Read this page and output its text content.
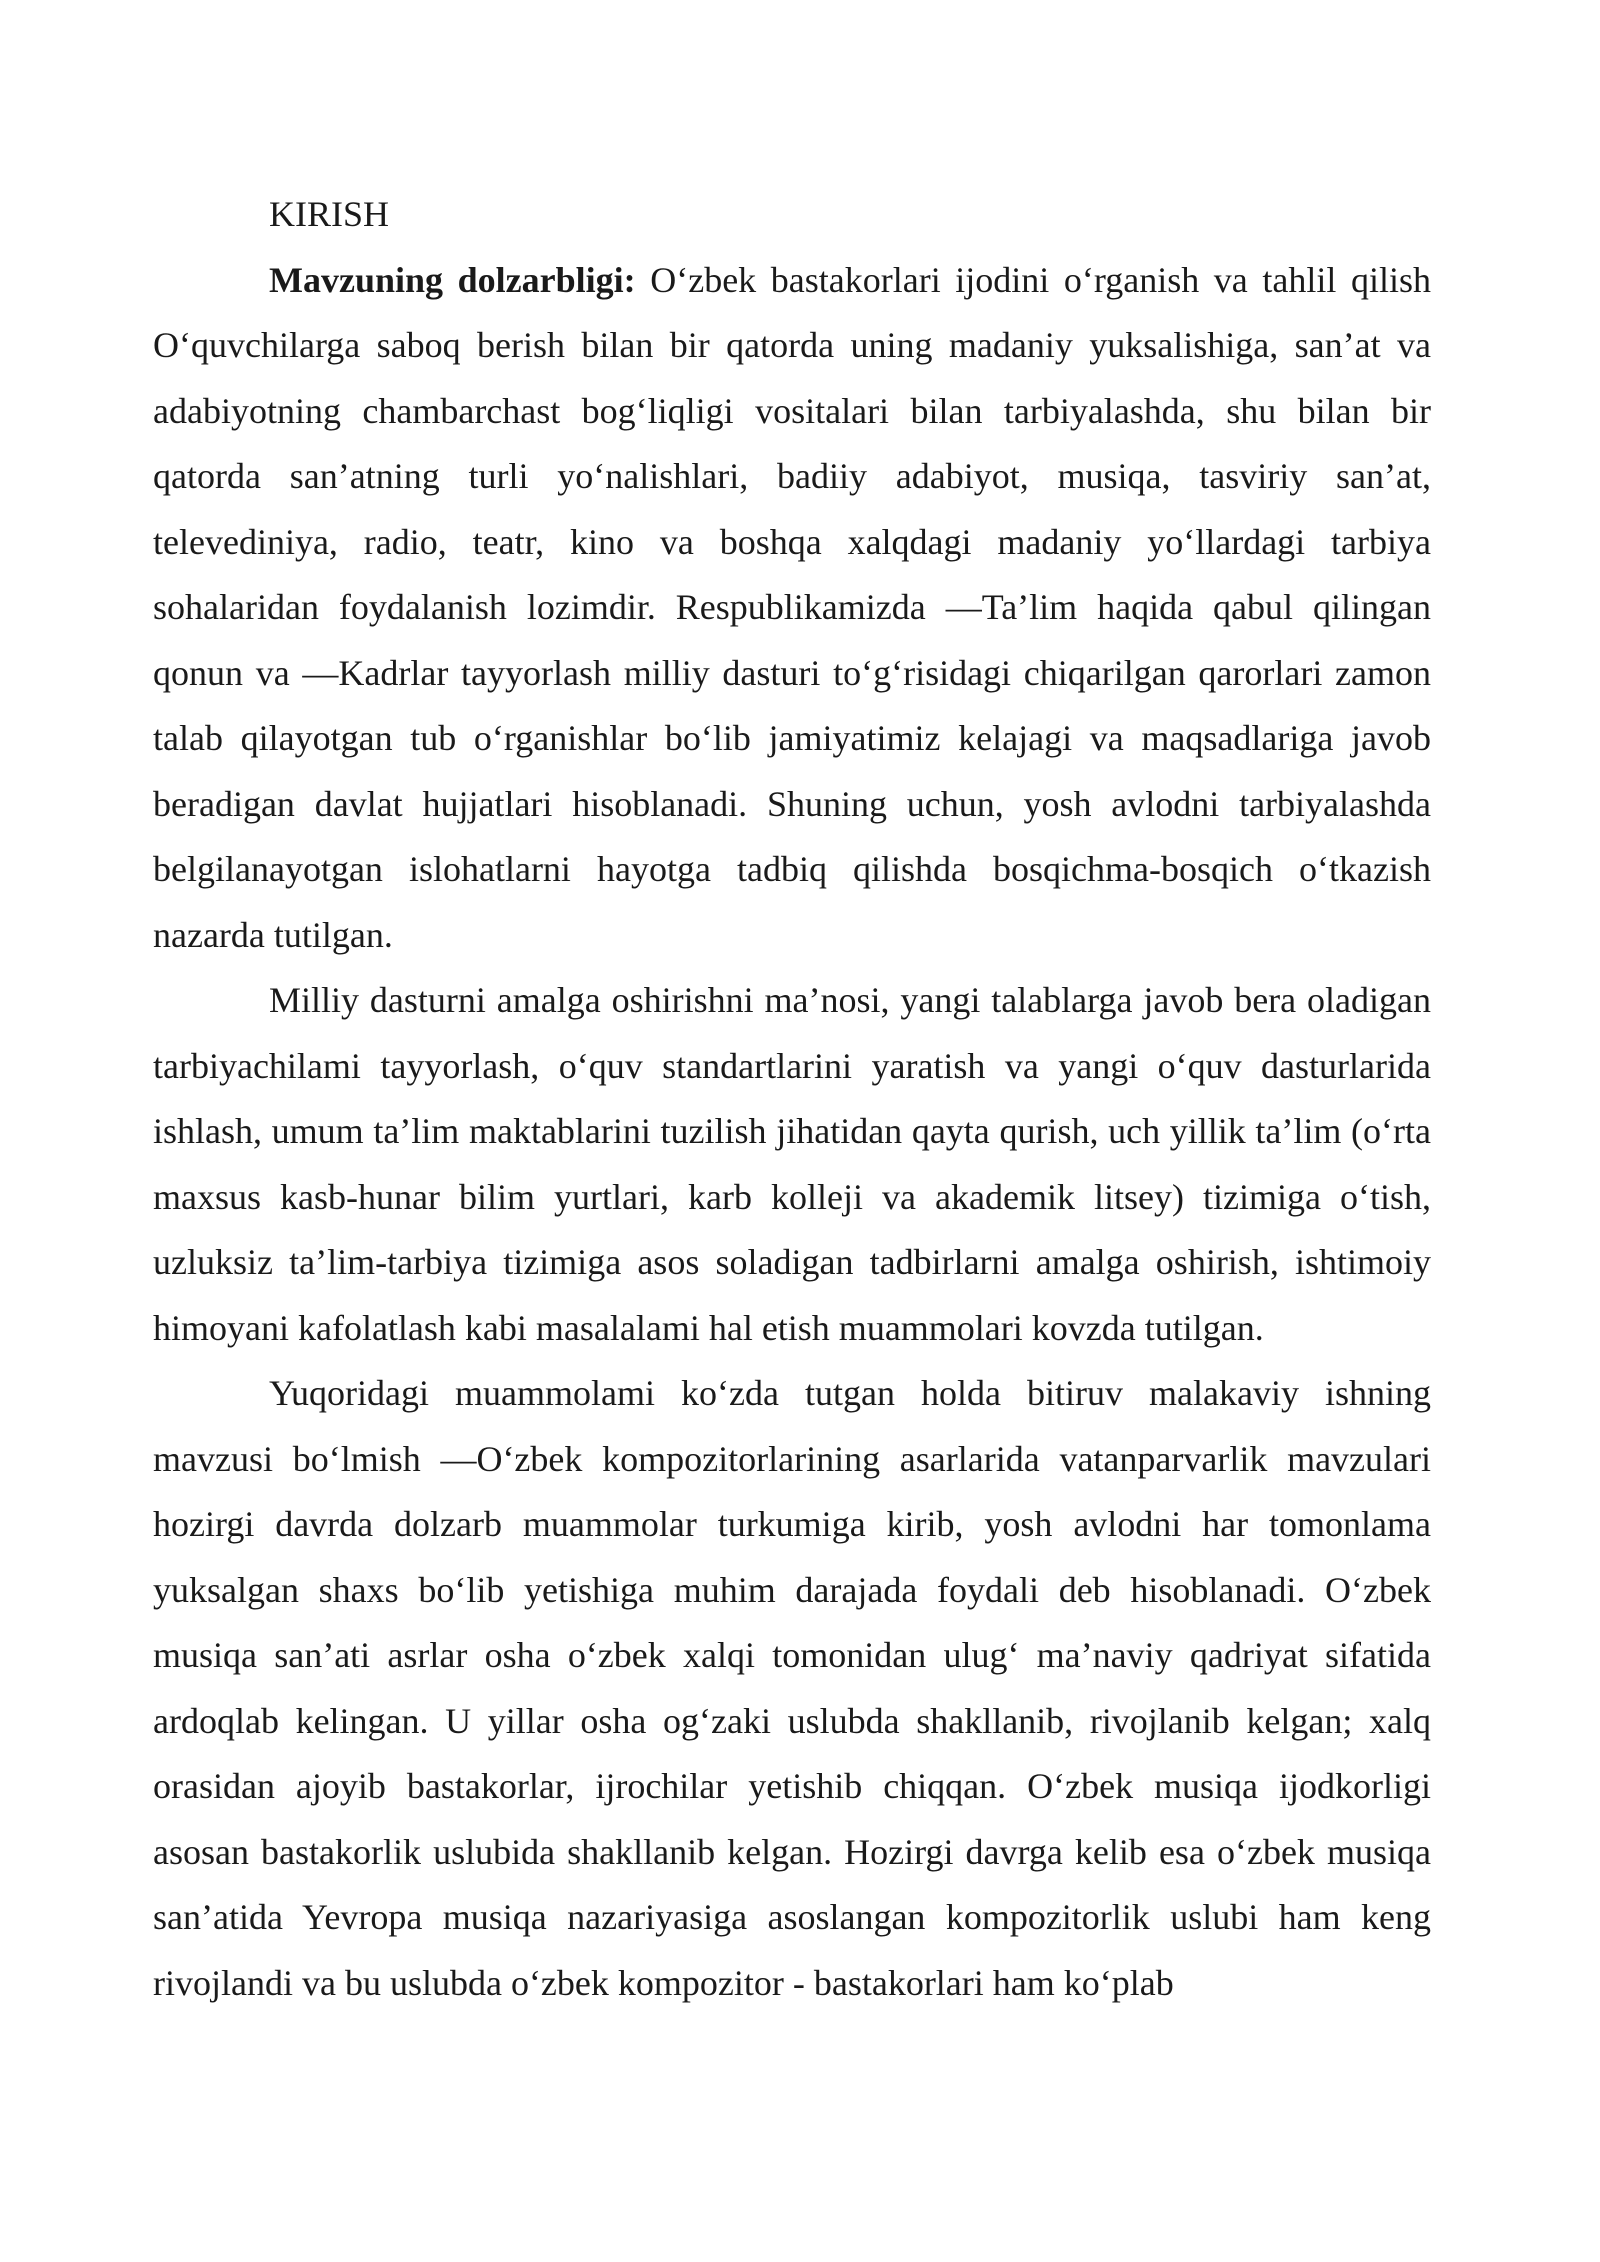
KIRISH

Mavzuning dolzarbligi: O‘zbek bastakorlari ijodini o‘rganish va tahlil qilish O‘quvchilarga saboq berish bilan bir qatorda uning madaniy yuksalishiga, san’at va adabiyotning chambarchast bog‘liqligi vositalari bilan tarbiyalashda, shu bilan bir qatorda san’atning turli yo‘nalishlari, badiiy adabiyot, musiqa, tasviriy san’at, televediniya, radio, teatr, kino va boshqa xalqdagi madaniy yo‘llardagi tarbiya sohalaridan foydalanish lozimdir. Respublikamizda —Ta’lim haqida qabul qilingan qonun va —Kadrlar tayyorlash milliy dasturi to‘g‘risidagi chiqarilgan qarorlari zamon talab qilayotgan tub o‘rganishlar bo‘lib jamiyatimiz kelajagi va maqsadlariga javob beradigan davlat hujjatlari hisoblanadi. Shuning uchun, yosh avlodni tarbiyalashda belgilanayotgan islohatlarni hayotga tadbiq qilishda bosqichma-bosqich o‘tkazish nazarda tutilgan.

Milliy dasturni amalga oshirishni ma’nosi, yangi talablarga javob bera oladigan tarbiyachilami tayyorlash, o‘quv standartlarini yaratish va yangi o‘quv dasturlarida ishlash, umum ta’lim maktablarini tuzilish jihatidan qayta qurish, uch yillik ta’lim (o‘rta maxsus kasb-hunar bilim yurtlari, karb kolleji va akademik litsey) tizimiga o‘tish, uzluksiz ta’lim-tarbiya tizimiga asos soladigan tadbirlarni amalga oshirish, ishtimoiy himoyani kafolatlash kabi masalalami hal etish muammolari kovzda tutilgan.

Yuqoridagi muammolami ko‘zda tutgan holda bitiruv malakaviy ishning mavzusi bo‘lmish —O‘zbek kompozitorlarining asarlarida vatanparvarlik mavzulari hozirgi davrda dolzarb muammolar turkumiga kirib, yosh avlodni har tomonlama yuksalgan shaxs bo‘lib yetishiga muhim darajada foydali deb hisoblanadi. O‘zbek musiqa san’ati asrlar osha o‘zbek xalqi tomonidan ulug‘ ma’naviy qadriyat sifatida ardoqlab kelingan. U yillar osha og‘zaki uslubda shakllanib, rivojlanib kelgan; xalq orasidan ajoyib bastakorlar, ijrochilar yetishib chiqqan. O‘zbek musiqa ijodkorligi asosan bastakorlik uslubida shakllanib kelgan. Hozirgi davrga kelib esa o‘zbek musiqa san’atida Yevropa musiqa nazariyasiga asoslangan kompozitorlik uslubi ham keng rivojlandi va bu uslubda o‘zbek kompozitor - bastakorlari ham ko‘plab
